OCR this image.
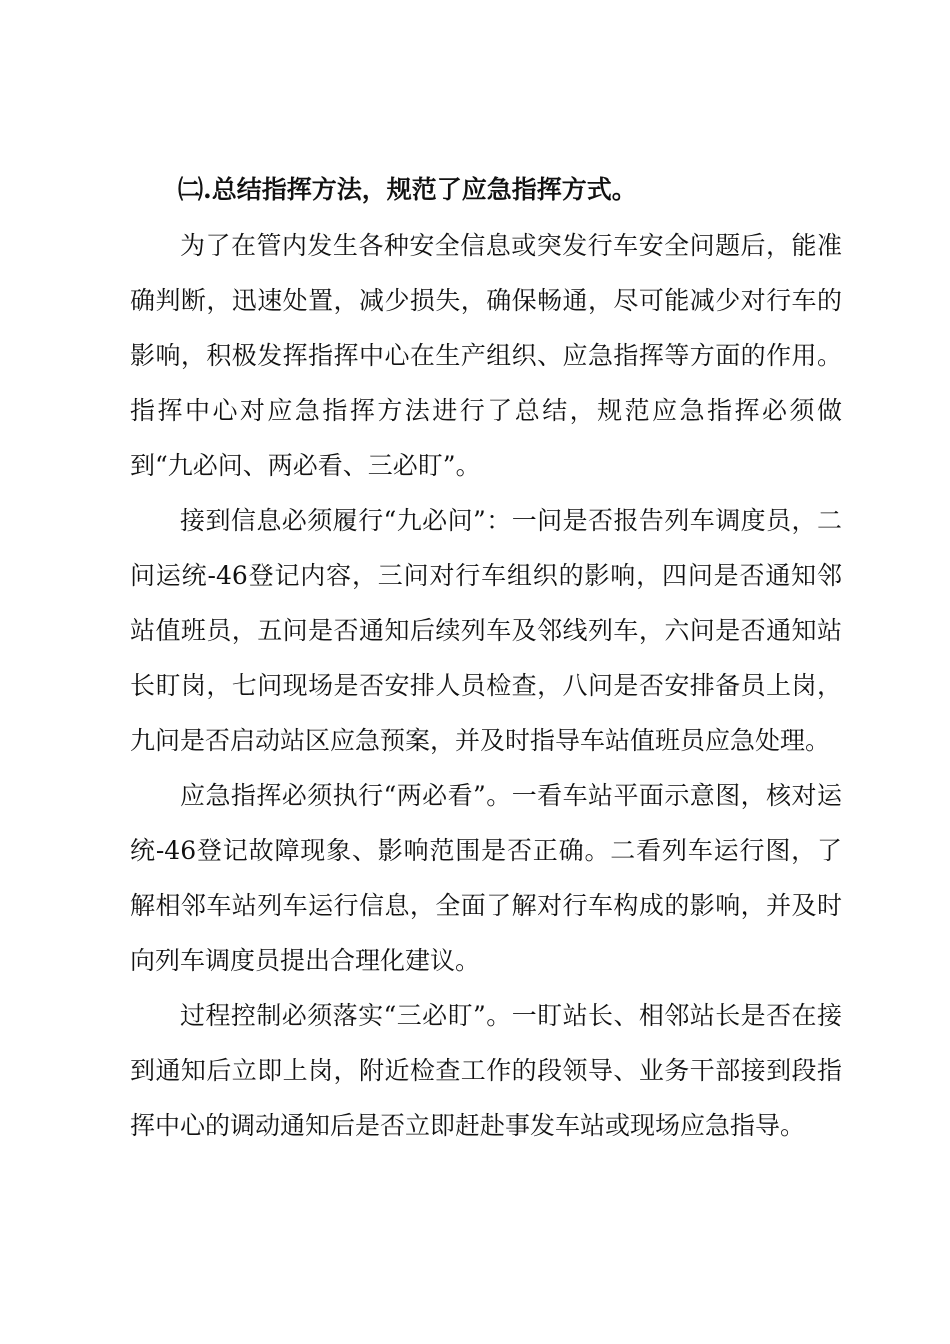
㈡.总结指挥方法，规范了应急指挥方式。

为了在管内发生各种安全信息或突发行车安全问题后，能准确判断，迅速处置，减少损失，确保畅通，尽可能减少对行车的影响，积极发挥指挥中心在生产组织、应急指挥等方面的作用。指挥中心对应急指挥方法进行了总结，规范应急指挥必须做到“九必问、两必看、三必盯”。

接到信息必须履行“九必问”：一问是否报告列车调度员，二问运统-46登记内容，三问对行车组织的影响，四问是否通知邻站值班员，五问是否通知后续列车及邻线列车，六问是否通知站长盯岗，七问现场是否安排人员检查，八问是否安排备员上岗，九问是否启动站区应急预案，并及时指导车站值班员应急处理。

应急指挥必须执行“两必看”。一看车站平面示意图，核对运统-46登记故障现象、影响范围是否正确。二看列车运行图，了解相邻车站列车运行信息，全面了解对行车构成的影响，并及时向列车调度员提出合理化建议。

过程控制必须落实“三必盯”。一盯站长、相邻站长是否在接到通知后立即上岗，附近检查工作的段领导、业务干部接到段指挥中心的调动通知后是否立即赶赴事发车站或现场应急指导。
